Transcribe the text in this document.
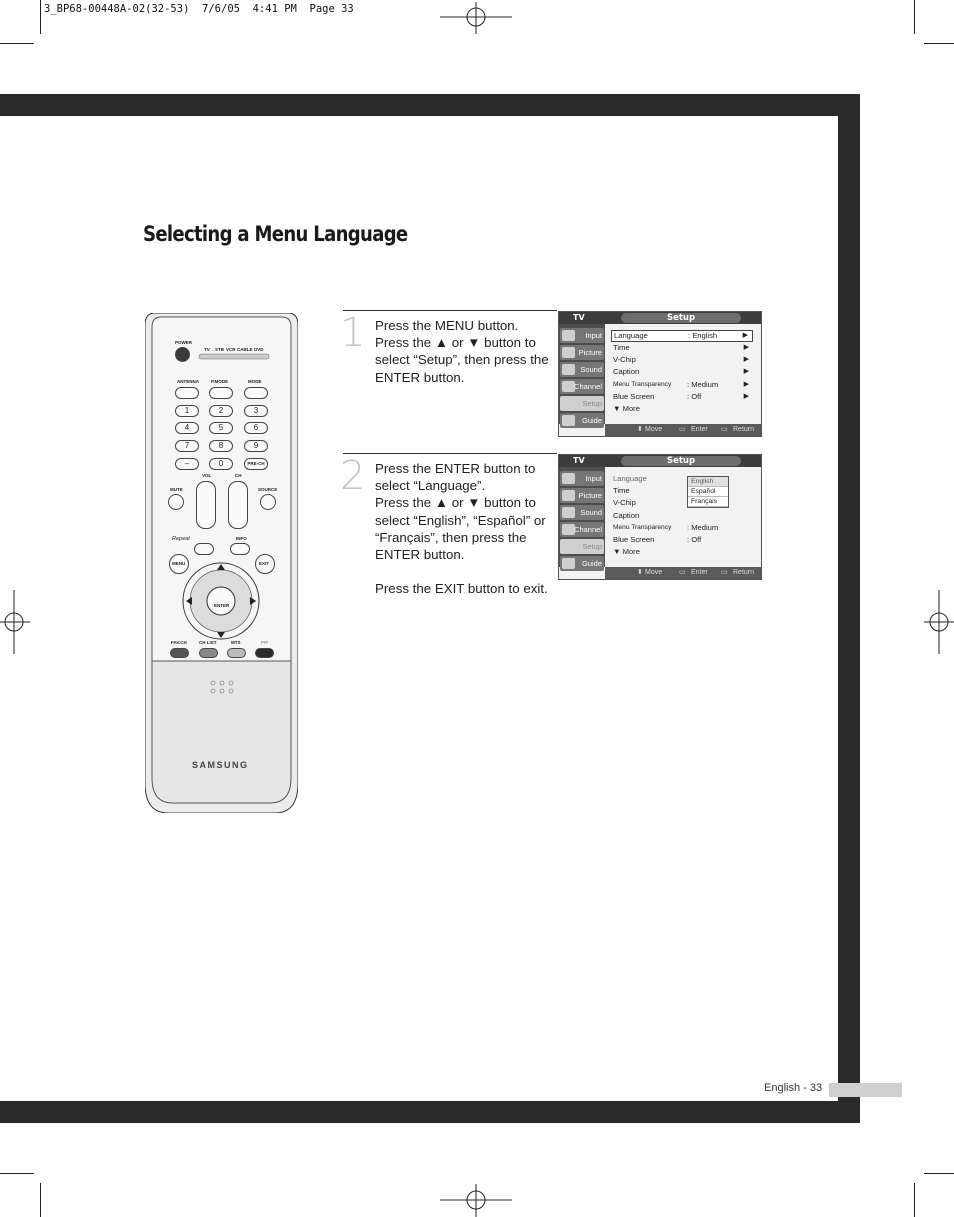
3_BP68-00448A-02(32-53)  7/6/05  4:41 PM  Page 33
Selecting a Menu Language
POWER
TV STB VCR CABLE DVD
ANTENNA	P.MODE	MODE
1	2	3
4	5	6
7	8	9
–	0	PRE-CH
MUTE
VOL	CH
SOURCE
Repeat	INFO
MENU	EXIT
ENTER
FAV.CH	CH LIST	MTS	PIP
SAMSUNG
1 Press the MENU button.

Press the ▲ or ▼ button to select “Setup”, then press the ENTER button.

TV	Setup
Input
Picture
Sound
Channel
Setup
Guide
Language	: English	▶
Time	▶
V-Chip	▶
Caption	▶
Menu Transparency : Medium	▶
Blue Screen	: Off	▶
▼ More
⬍ Move ▭ Enter ▭ Return
2 Press the ENTER button to select “Language”.

Press the ▲ or ▼ button to select “English”, “Español” or “Français”, then press the ENTER button.

Press the EXIT button to exit.

TV	Setup
Input
Picture
Sound
Channel
Setup
Guide
Language
Time
V-Chip
Caption
Menu Transparency : Medium
Blue Screen	: Off
▼ More
English
Español
Français
⬍ Move ▭ Enter ▭ Return
English - 33
